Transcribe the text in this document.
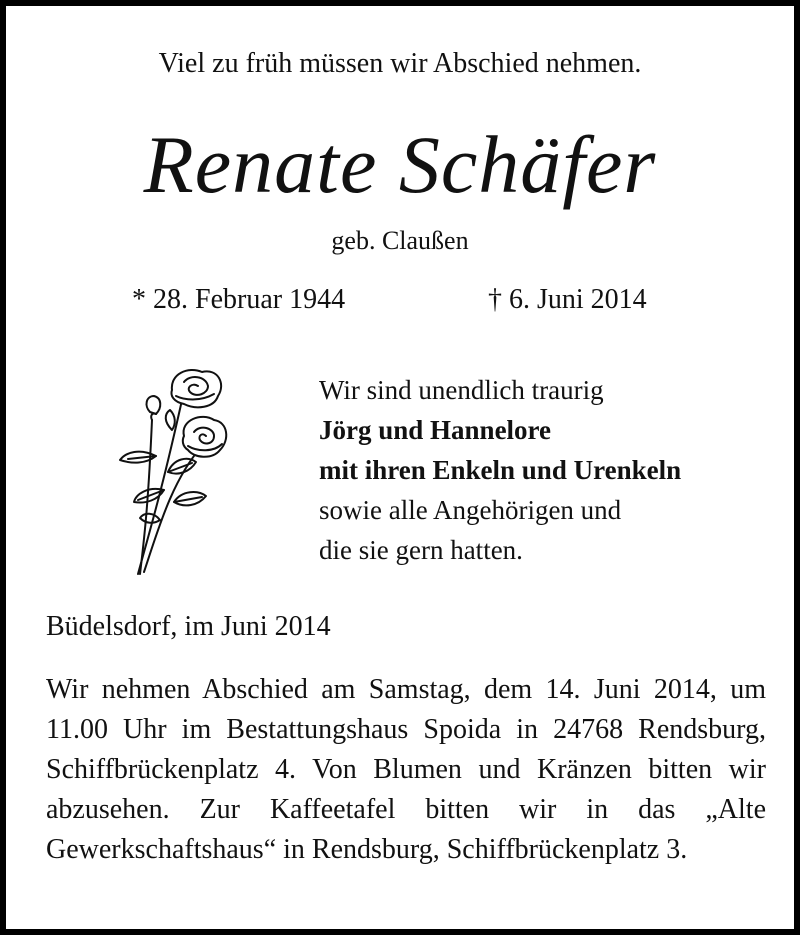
Viel zu früh müssen wir Abschied nehmen.
Renate Schäfer
geb. Claußen
* 28. Februar 1944	† 6. Juni 2014
Wir sind unendlich traurig
Jörg und Hannelore
mit ihren Enkeln und Urenkeln
sowie alle Angehörigen und
die sie gern hatten.
Büdelsdorf, im Juni 2014
Wir nehmen Abschied am Samstag, dem 14. Juni 2014, um 11.00 Uhr im Bestattungshaus Spoida in 24768 Rendsburg, Schiffbrückenplatz 4. Von Blumen und Kränzen bitten wir abzusehen. Zur Kaffeetafel bitten wir in das „Alte Gewerkschaftshaus“ in Rendsburg, Schiffbrückenplatz 3.
